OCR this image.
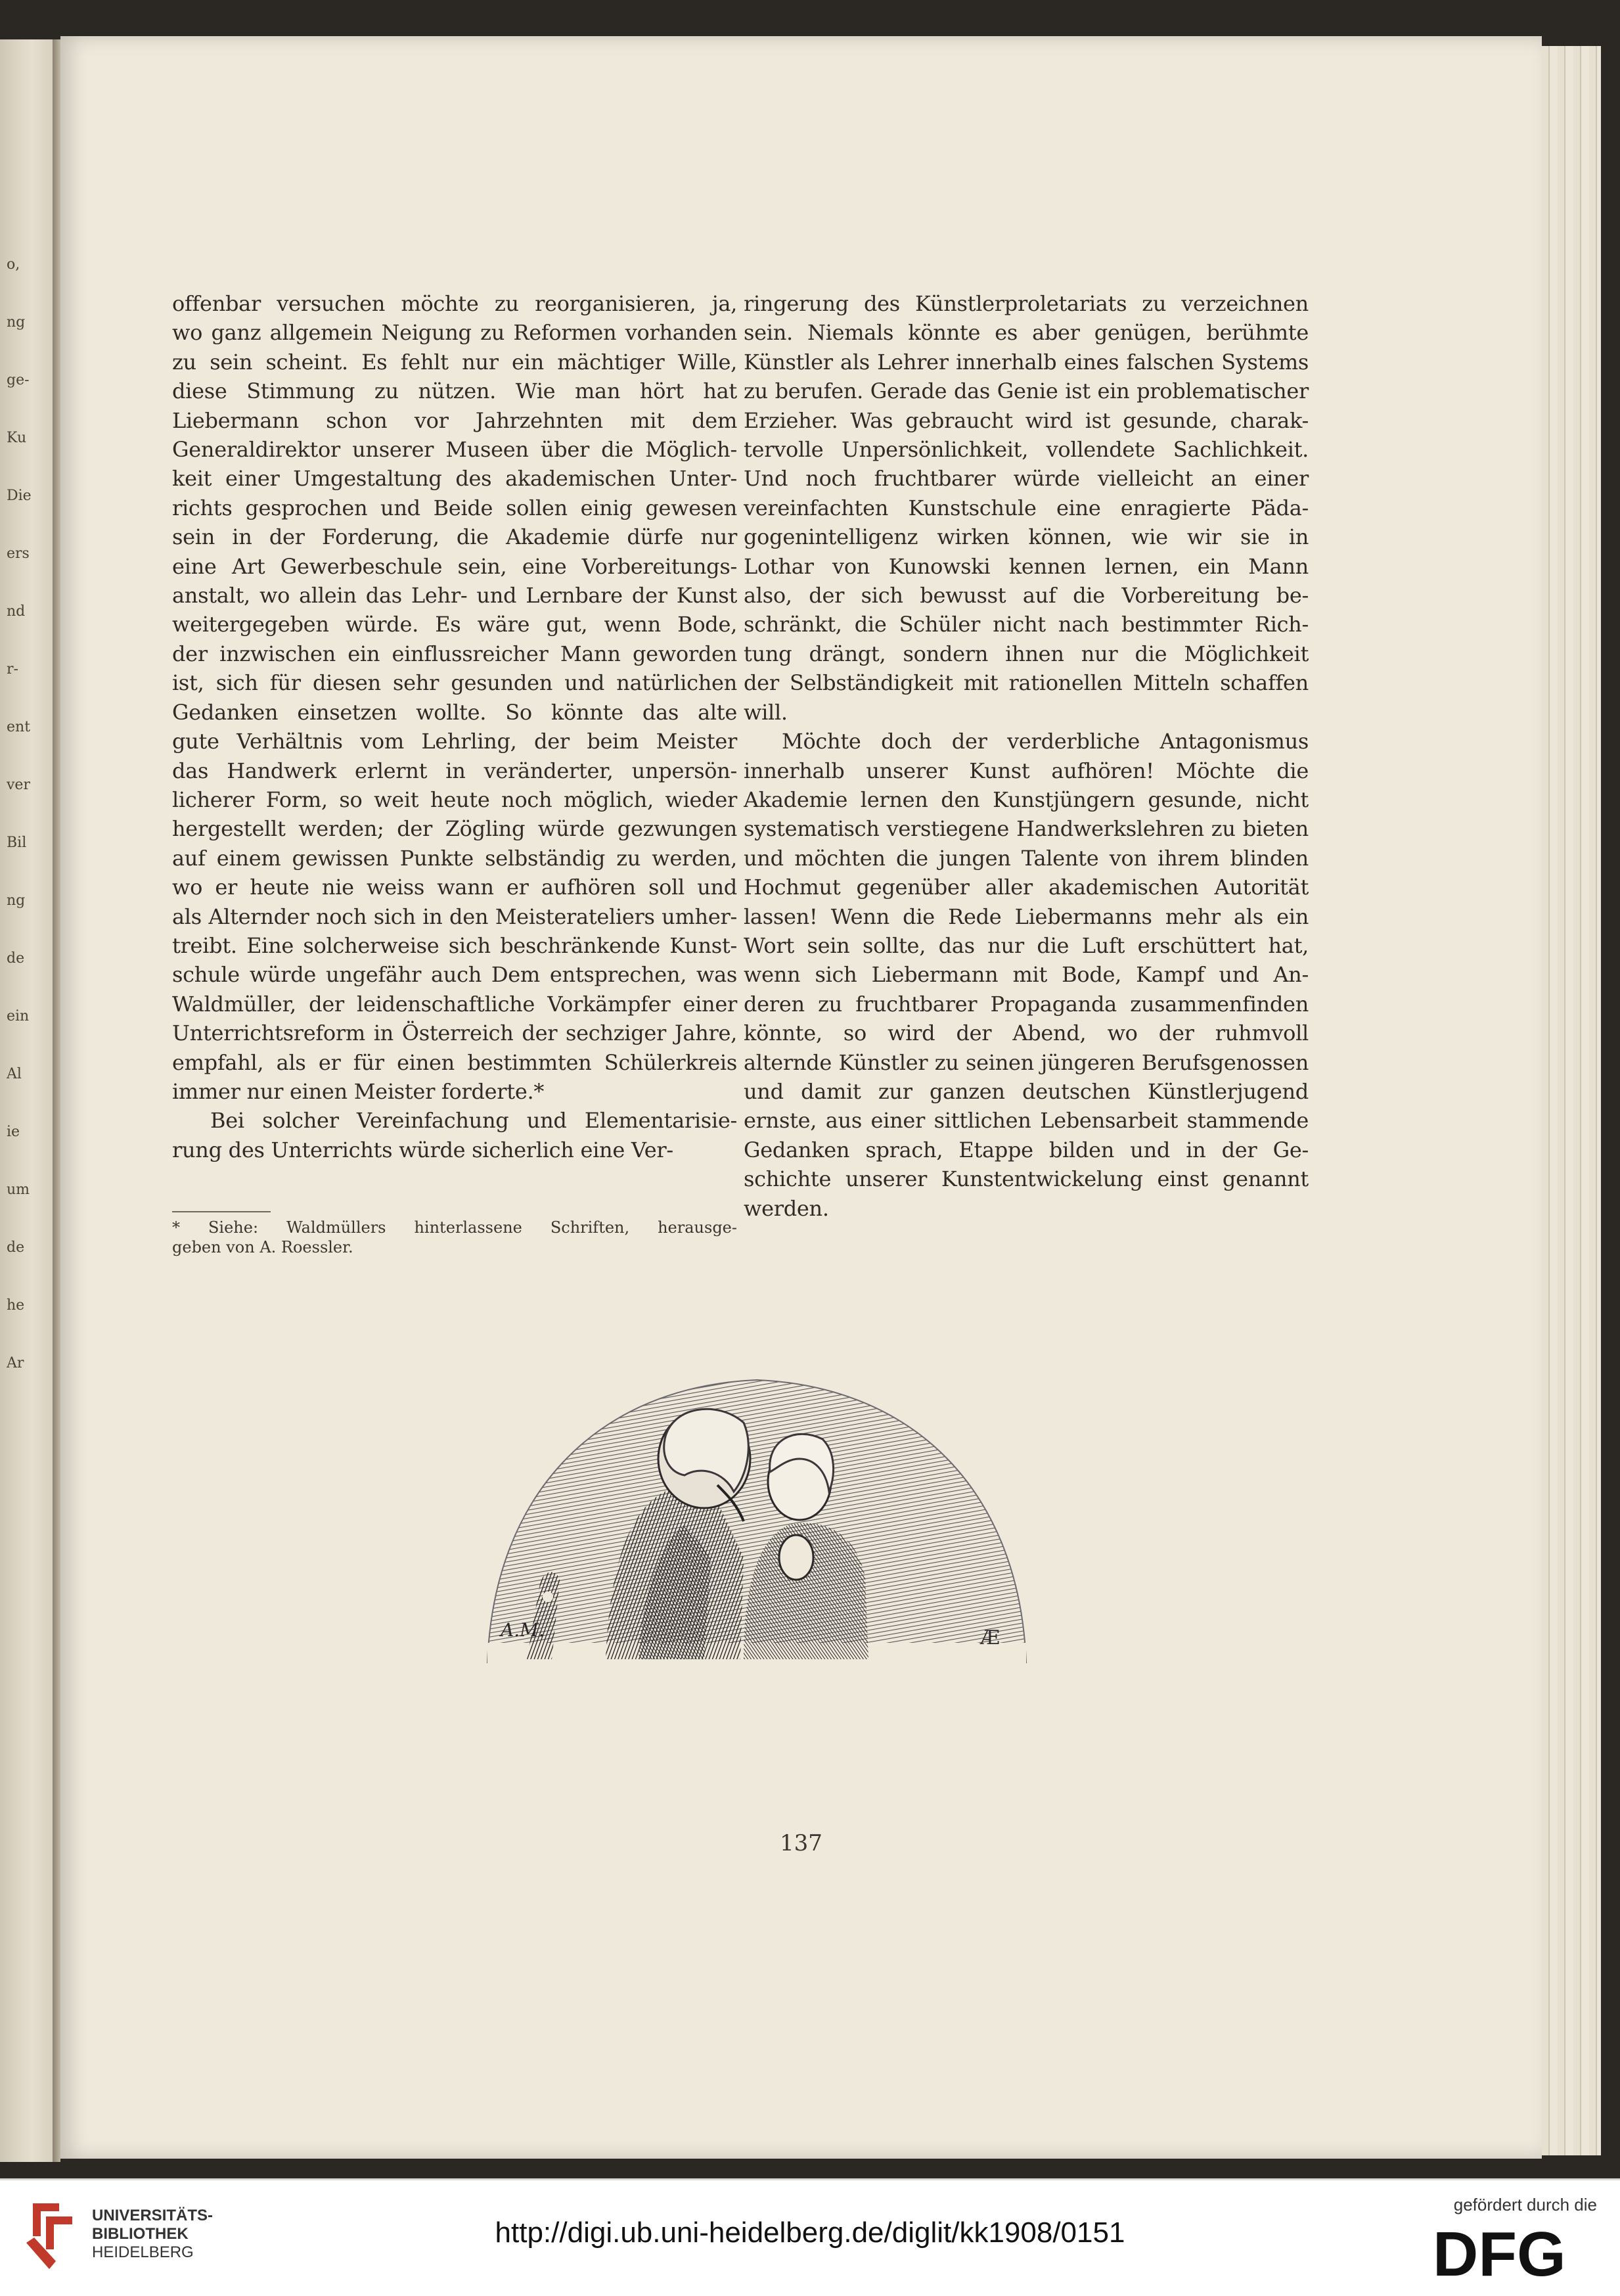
o,
ng
ge-
Ku
Die
ers
nd
r-
ent
ver
Bil
ng
de
ein
Al
ie
um
de
he
Ar

offenbar versuchen möchte zu reorganisieren, ja,

wo ganz allgemein Neigung zu Reformen vorhanden

zu sein scheint. Es fehlt nur ein mächtiger Wille,

diese Stimmung zu nützen. Wie man hört hat

Liebermann schon vor Jahrzehnten mit dem

Generaldirektor unserer Museen über die Möglich-

keit einer Umgestaltung des akademischen Unter-

richts gesprochen und Beide sollen einig gewesen

sein in der Forderung, die Akademie dürfe nur

eine Art Gewerbeschule sein, eine Vorbereitungs-

anstalt, wo allein das Lehr- und Lernbare der Kunst

weitergegeben würde. Es wäre gut, wenn Bode,

der inzwischen ein einflussreicher Mann geworden

ist, sich für diesen sehr gesunden und natürlichen

Gedanken einsetzen wollte. So könnte das alte

gute Verhältnis vom Lehrling, der beim Meister

das Handwerk erlernt in veränderter, unpersön-

licherer Form, so weit heute noch möglich, wieder

hergestellt werden; der Zögling würde gezwungen

auf einem gewissen Punkte selbständig zu werden,

wo er heute nie weiss wann er aufhören soll und

als Alternder noch sich in den Meisterateliers umher-

treibt. Eine solcherweise sich beschränkende Kunst-

schule würde ungefähr auch Dem entsprechen, was

Waldmüller, der leidenschaftliche Vorkämpfer einer

Unterrichtsreform in Österreich der sechziger Jahre,

empfahl, als er für einen bestimmten Schülerkreis

immer nur einen Meister forderte.*

Bei solcher Vereinfachung und Elementarisie-

rung des Unterrichts würde sicherlich eine Ver-

ringerung des Künstlerproletariats zu verzeichnen

sein. Niemals könnte es aber genügen, berühmte

Künstler als Lehrer innerhalb eines falschen Systems

zu berufen. Gerade das Genie ist ein problematischer

Erzieher. Was gebraucht wird ist gesunde, charak-

tervolle Unpersönlichkeit, vollendete Sachlichkeit.

Und noch fruchtbarer würde vielleicht an einer

vereinfachten Kunstschule eine enragierte Päda-

gogenintelligenz wirken können, wie wir sie in

Lothar von Kunowski kennen lernen, ein Mann

also, der sich bewusst auf die Vorbereitung be-

schränkt, die Schüler nicht nach bestimmter Rich-

tung drängt, sondern ihnen nur die Möglichkeit

der Selbständigkeit mit rationellen Mitteln schaffen

will.

Möchte doch der verderbliche Antagonismus

innerhalb unserer Kunst aufhören! Möchte die

Akademie lernen den Kunstjüngern gesunde, nicht

systematisch verstiegene Handwerkslehren zu bieten

und möchten die jungen Talente von ihrem blinden

Hochmut gegenüber aller akademischen Autorität

lassen! Wenn die Rede Liebermanns mehr als ein

Wort sein sollte, das nur die Luft erschüttert hat,

wenn sich Liebermann mit Bode, Kampf und An-

deren zu fruchtbarer Propaganda zusammenfinden

könnte, so wird der Abend, wo der ruhmvoll

alternde Künstler zu seinen jüngeren Berufsgenossen

und damit zur ganzen deutschen Künstlerjugend

ernste, aus einer sittlichen Lebensarbeit stammende

Gedanken sprach, Etappe bilden und in der Ge-

schichte unserer Kunstentwickelung einst genannt

werden.

* Siehe: Waldmüllers hinterlassene Schriften, herausge-
geben von A. Roessler.
A.M.	Æ
137
UNIVERSITÄTS-
BIBLIOTHEK
HEIDELBERG
http://digi.ub.uni-heidelberg.de/diglit/kk1908/0151
gefördert durch die
DFG
